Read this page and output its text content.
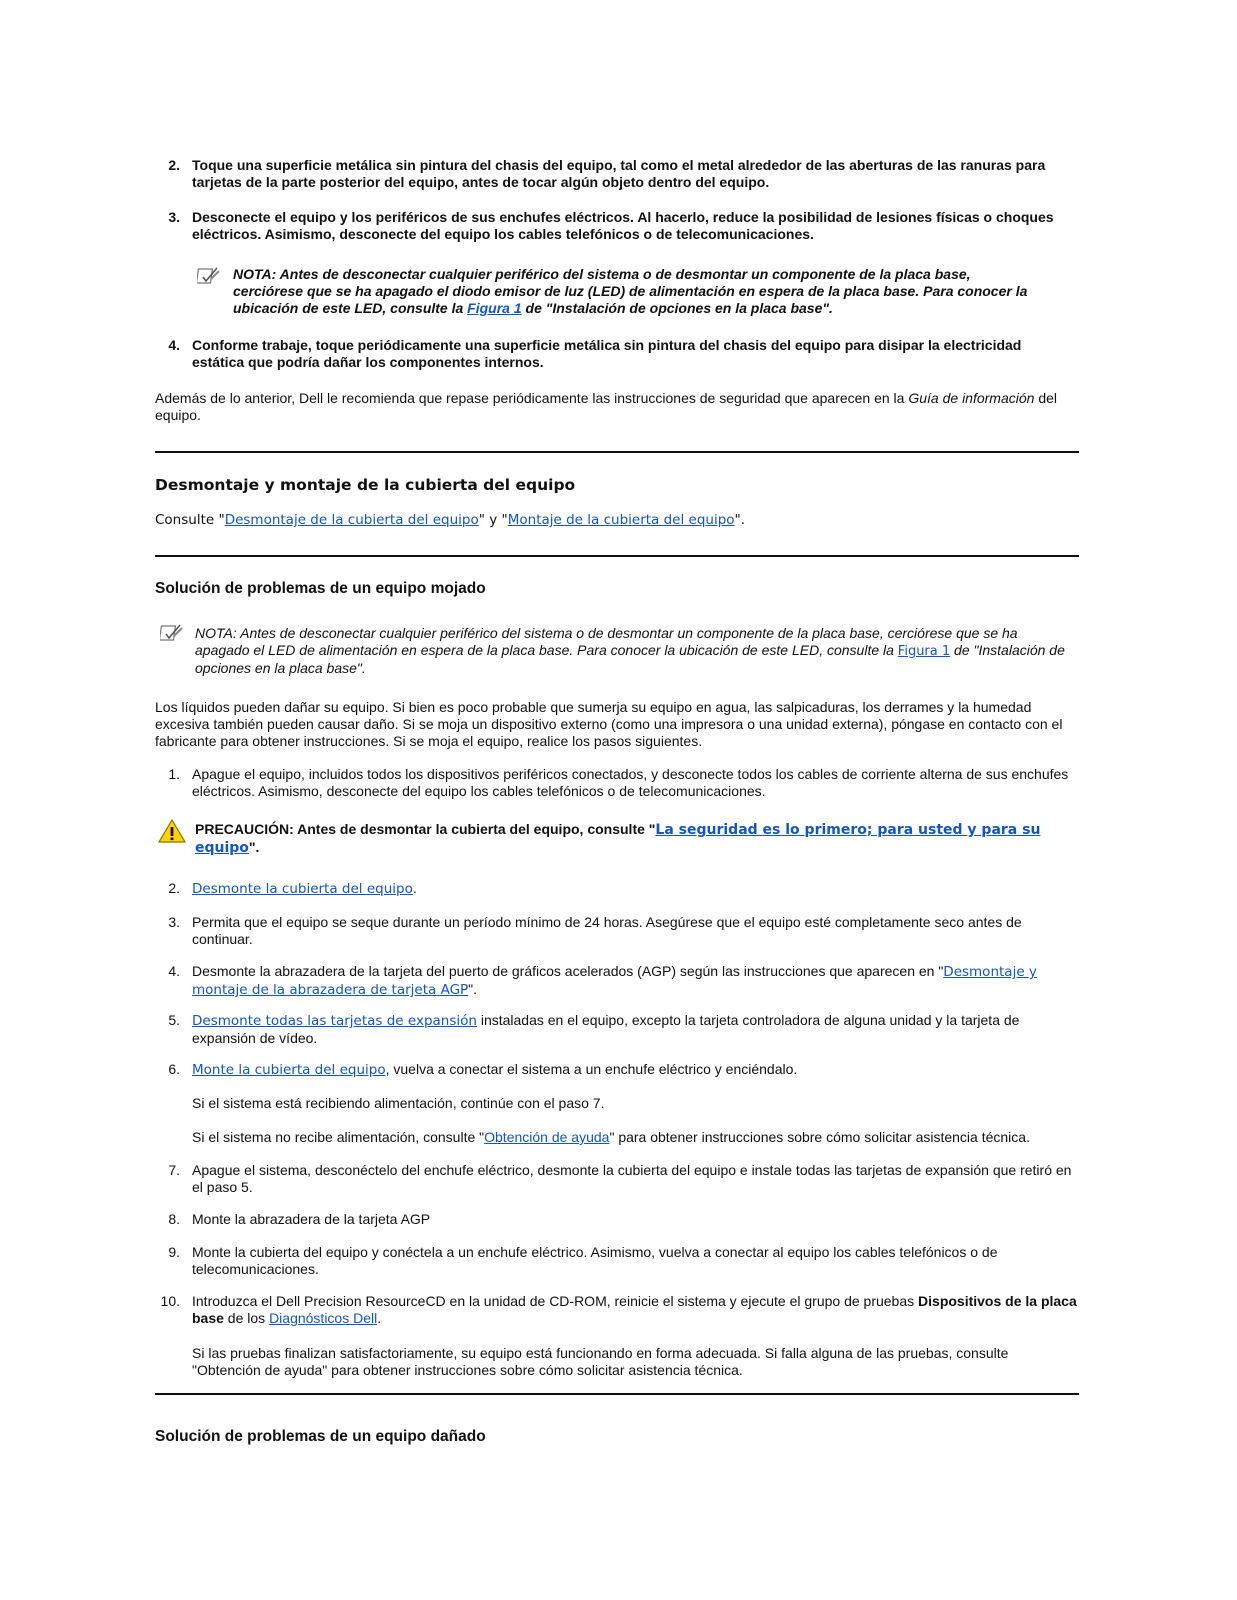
2. Toque una superficie metálica sin pintura del chasis del equipo, tal como el metal alrededor de las aberturas de las ranuras para tarjetas de la parte posterior del equipo, antes de tocar algún objeto dentro del equipo.
3. Desconecte el equipo y los periféricos de sus enchufes eléctricos. Al hacerlo, reduce la posibilidad de lesiones físicas o choques eléctricos. Asimismo, desconecte del equipo los cables telefónicos o de telecomunicaciones.
NOTA: Antes de desconectar cualquier periférico del sistema o de desmontar un componente de la placa base, cerciórese que se ha apagado el diodo emisor de luz (LED) de alimentación en espera de la placa base. Para conocer la ubicación de este LED, consulte la Figura 1 de "Instalación de opciones en la placa base".
4. Conforme trabaje, toque periódicamente una superficie metálica sin pintura del chasis del equipo para disipar la electricidad estática que podría dañar los componentes internos.
Además de lo anterior, Dell le recomienda que repase periódicamente las instrucciones de seguridad que aparecen en la Guía de información del equipo.
Desmontaje y montaje de la cubierta del equipo
Consulte "Desmontaje de la cubierta del equipo" y "Montaje de la cubierta del equipo".
Solución de problemas de un equipo mojado
NOTA: Antes de desconectar cualquier periférico del sistema o de desmontar un componente de la placa base, cerciórese que se ha apagado el LED de alimentación en espera de la placa base. Para conocer la ubicación de este LED, consulte la Figura 1 de "Instalación de opciones en la placa base".
Los líquidos pueden dañar su equipo. Si bien es poco probable que sumerja su equipo en agua, las salpicaduras, los derrames y la humedad excesiva también pueden causar daño. Si se moja un dispositivo externo (como una impresora o una unidad externa), póngase en contacto con el fabricante para obtener instrucciones. Si se moja el equipo, realice los pasos siguientes.
1. Apague el equipo, incluidos todos los dispositivos periféricos conectados, y desconecte todos los cables de corriente alterna de sus enchufes eléctricos. Asimismo, desconecte del equipo los cables telefónicos o de telecomunicaciones.
PRECAUCIÓN: Antes de desmontar la cubierta del equipo, consulte "La seguridad es lo primero; para usted y para su equipo".
2. Desmonte la cubierta del equipo.
3. Permita que el equipo se seque durante un período mínimo de 24 horas. Asegúrese que el equipo esté completamente seco antes de continuar.
4. Desmonte la abrazadera de la tarjeta del puerto de gráficos acelerados (AGP) según las instrucciones que aparecen en "Desmontaje y montaje de la abrazadera de tarjeta AGP".
5. Desmonte todas las tarjetas de expansión instaladas en el equipo, excepto la tarjeta controladora de alguna unidad y la tarjeta de expansión de vídeo.
6. Monte la cubierta del equipo, vuelva a conectar el sistema a un enchufe eléctrico y enciéndalo.
Si el sistema está recibiendo alimentación, continúe con el paso 7.
Si el sistema no recibe alimentación, consulte "Obtención de ayuda" para obtener instrucciones sobre cómo solicitar asistencia técnica.
7. Apague el sistema, desconéctelo del enchufe eléctrico, desmonte la cubierta del equipo e instale todas las tarjetas de expansión que retiró en el paso 5.
8. Monte la abrazadera de la tarjeta AGP
9. Monte la cubierta del equipo y conéctela a un enchufe eléctrico. Asimismo, vuelva a conectar al equipo los cables telefónicos o de telecomunicaciones.
10. Introduzca el Dell Precision ResourceCD en la unidad de CD-ROM, reinicie el sistema y ejecute el grupo de pruebas Dispositivos de la placa base de los Diagnósticos Dell.
Si las pruebas finalizan satisfactoriamente, su equipo está funcionando en forma adecuada. Si falla alguna de las pruebas, consulte "Obtención de ayuda" para obtener instrucciones sobre cómo solicitar asistencia técnica.
Solución de problemas de un equipo dañado
